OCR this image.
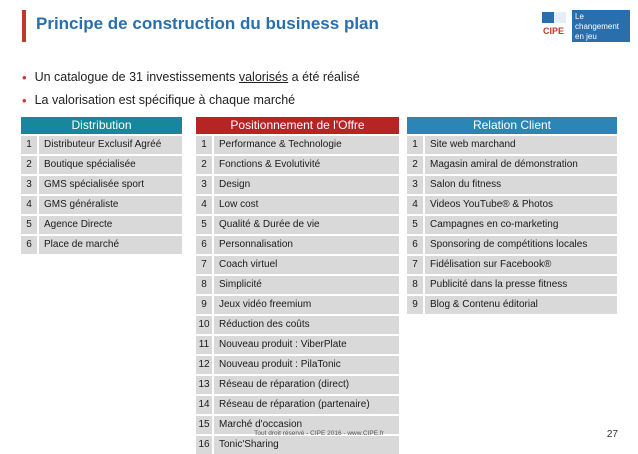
Principe de construction du business plan	CIPE
Le
changement
en jeu
• Un catalogue de 31 investissements valorisés a été réalisé
• La valorisation est spécifique à chaque marché
Distribution
1	Distributeur Exclusif Agréé
2	Boutique spécialisée
3	GMS spécialisée sport
4	GMS généraliste
5	Agence Directe
6	Place de marché
Positionnement de l'Offre
1	Performance & Technologie
2	Fonctions & Evolutivité
3	Design
4	Low cost
5	Qualité & Durée de vie
6	Personnalisation
7	Coach virtuel
8	Simplicité
9	Jeux vidéo freemium
10 Réduction des coûts
11 Nouveau produit : ViberPlate
12 Nouveau produit : PilaTonic
13 Réseau de réparation (direct)
14 Réseau de réparation (partenaire)
15 Marché d'occasion
16 Tonic'Sharing
Relation Client
1	Site web marchand
2	Magasin amiral de démonstration
3	Salon du fitness
4	Videos YouTube® & Photos
5	Campagnes en co-marketing
6	Sponsoring de compétitions locales
7	Fidélisation sur Facebook®
8	Publicité dans la presse fitness
9	Blog & Contenu éditorial
Tout droit réservé - CIPE 2016 - www.CIPE.fr	27
